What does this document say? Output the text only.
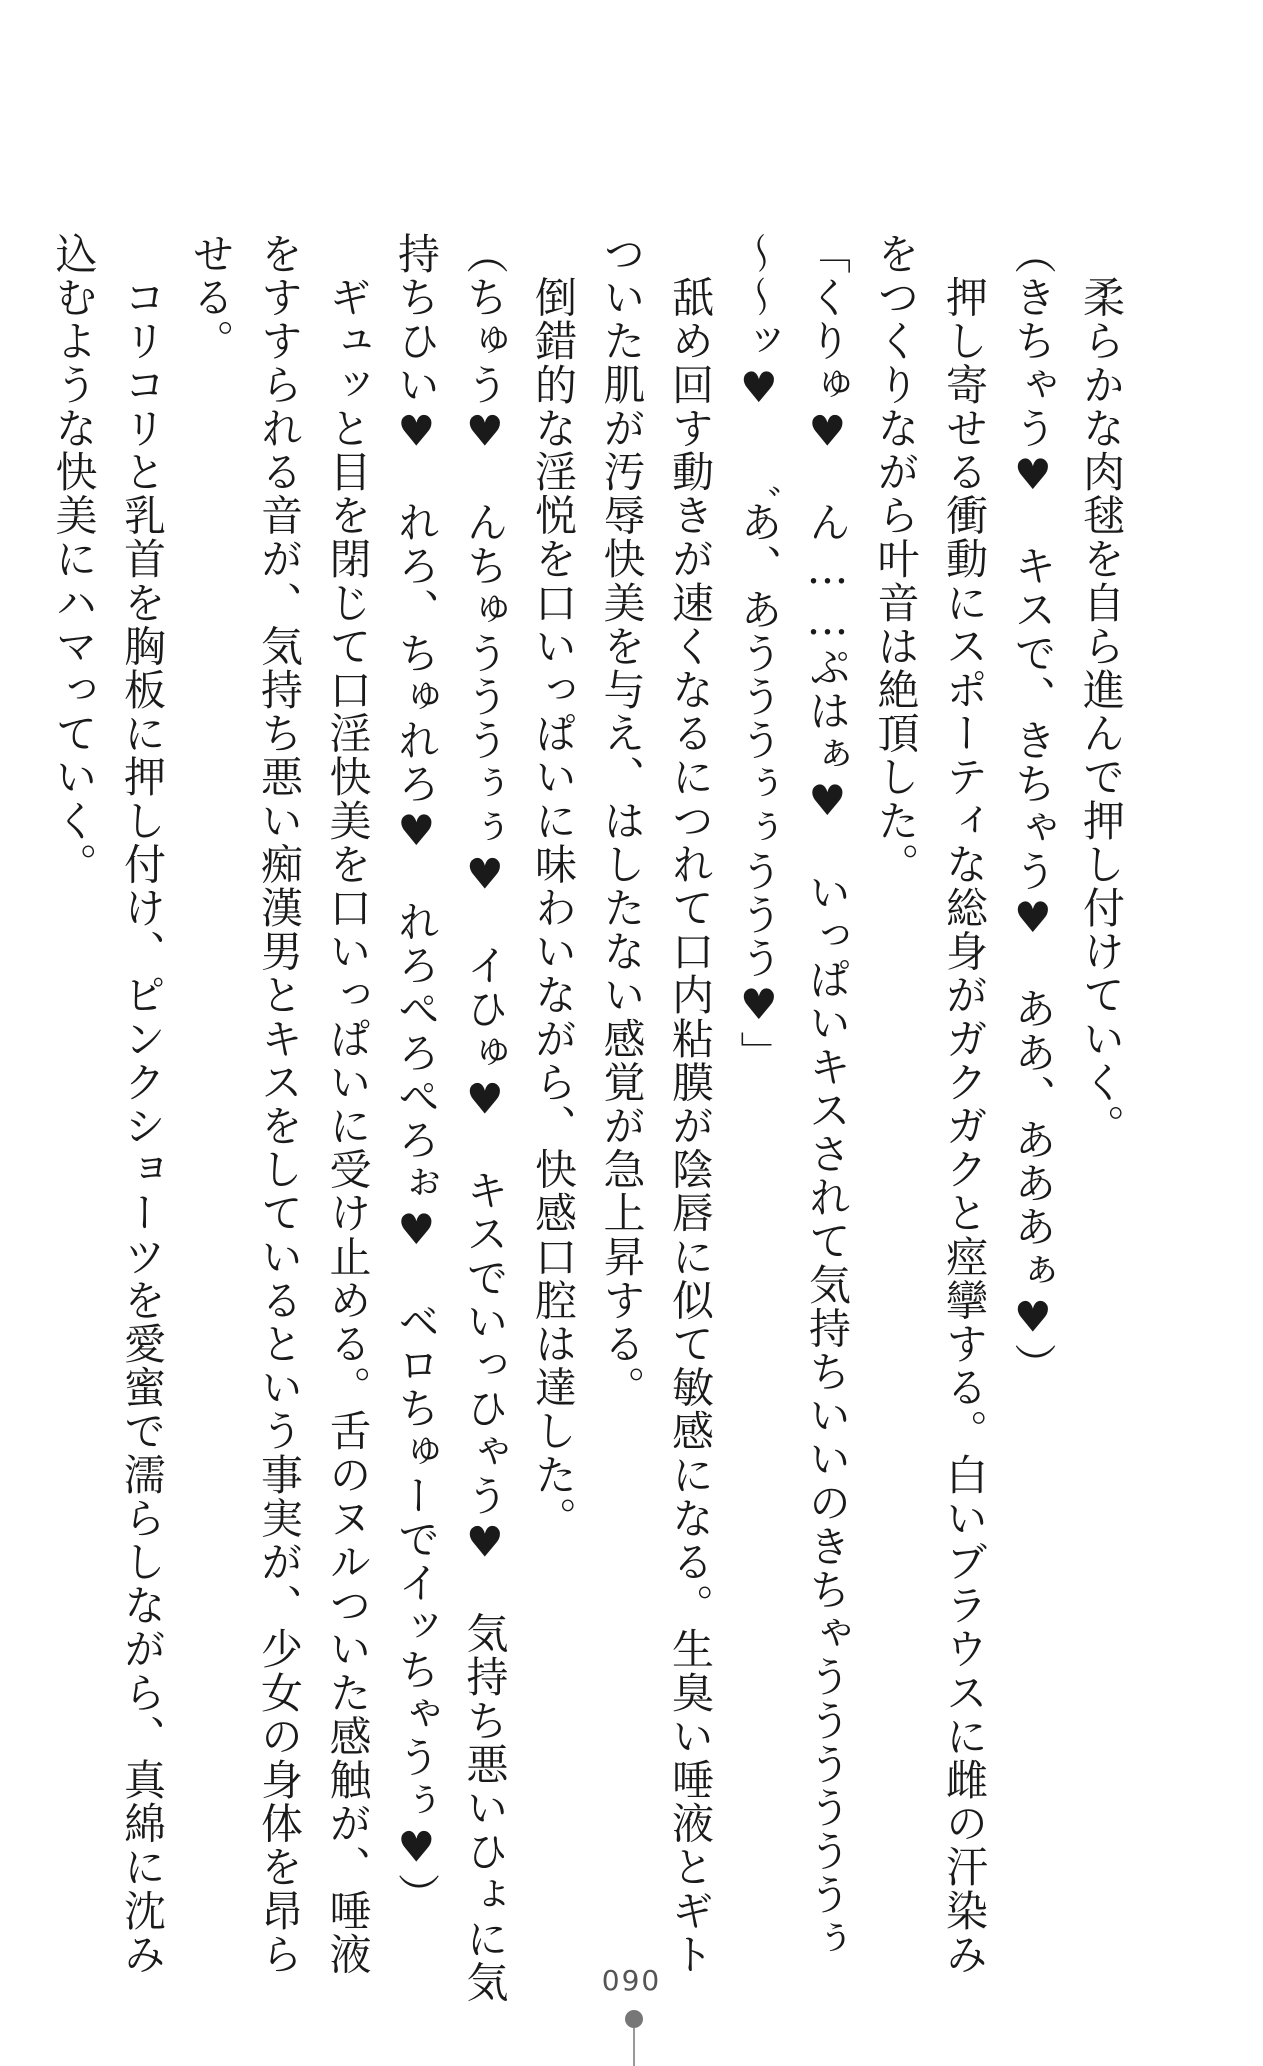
　柔らかな肉毬を自ら進んで押し付けていく。
（きちゃう♥　キスで、きちゃう♥　ああ、あああぁ♥）
　押し寄せる衝動にスポーティな総身がガクガクと痙攣する。白いブラウスに雌の汗染み
をつくりながら叶音は絶頂した。
「くりゅ♥　ん……ぷはぁ♥　いっぱいキスされて気持ちいいのきちゃううううううぅ
〜〜ッ♥　゛あ、あうううぅぅううう♥」
　舐め回す動きが速くなるにつれて口内粘膜が陰唇に似て敏感になる。生臭い唾液とギト
ついた肌が汚辱快美を与え、はしたない感覚が急上昇する。
　倒錯的な淫悦を口いっぱいに味わいながら、快感口腔は達した。
（ちゅう♥　んちゅうううぅぅ♥　イひゅ♥　キスでいっひゃう♥　気持ち悪いひょに気
持ちひい♥　れろ、ちゅれろ♥　れろぺろぺろぉ♥　ベロちゅーでイッちゃうぅ♥）
　ギュッと目を閉じて口淫快美を口いっぱいに受け止める。舌のヌルついた感触が、唾液
をすすられる音が、気持ち悪い痴漢男とキスをしているという事実が、少女の身体を昂ら
せる。
　コリコリと乳首を胸板に押し付け、ピンクショーツを愛蜜で濡らしながら、真綿に沈み
込むような快美にハマっていく。
090
